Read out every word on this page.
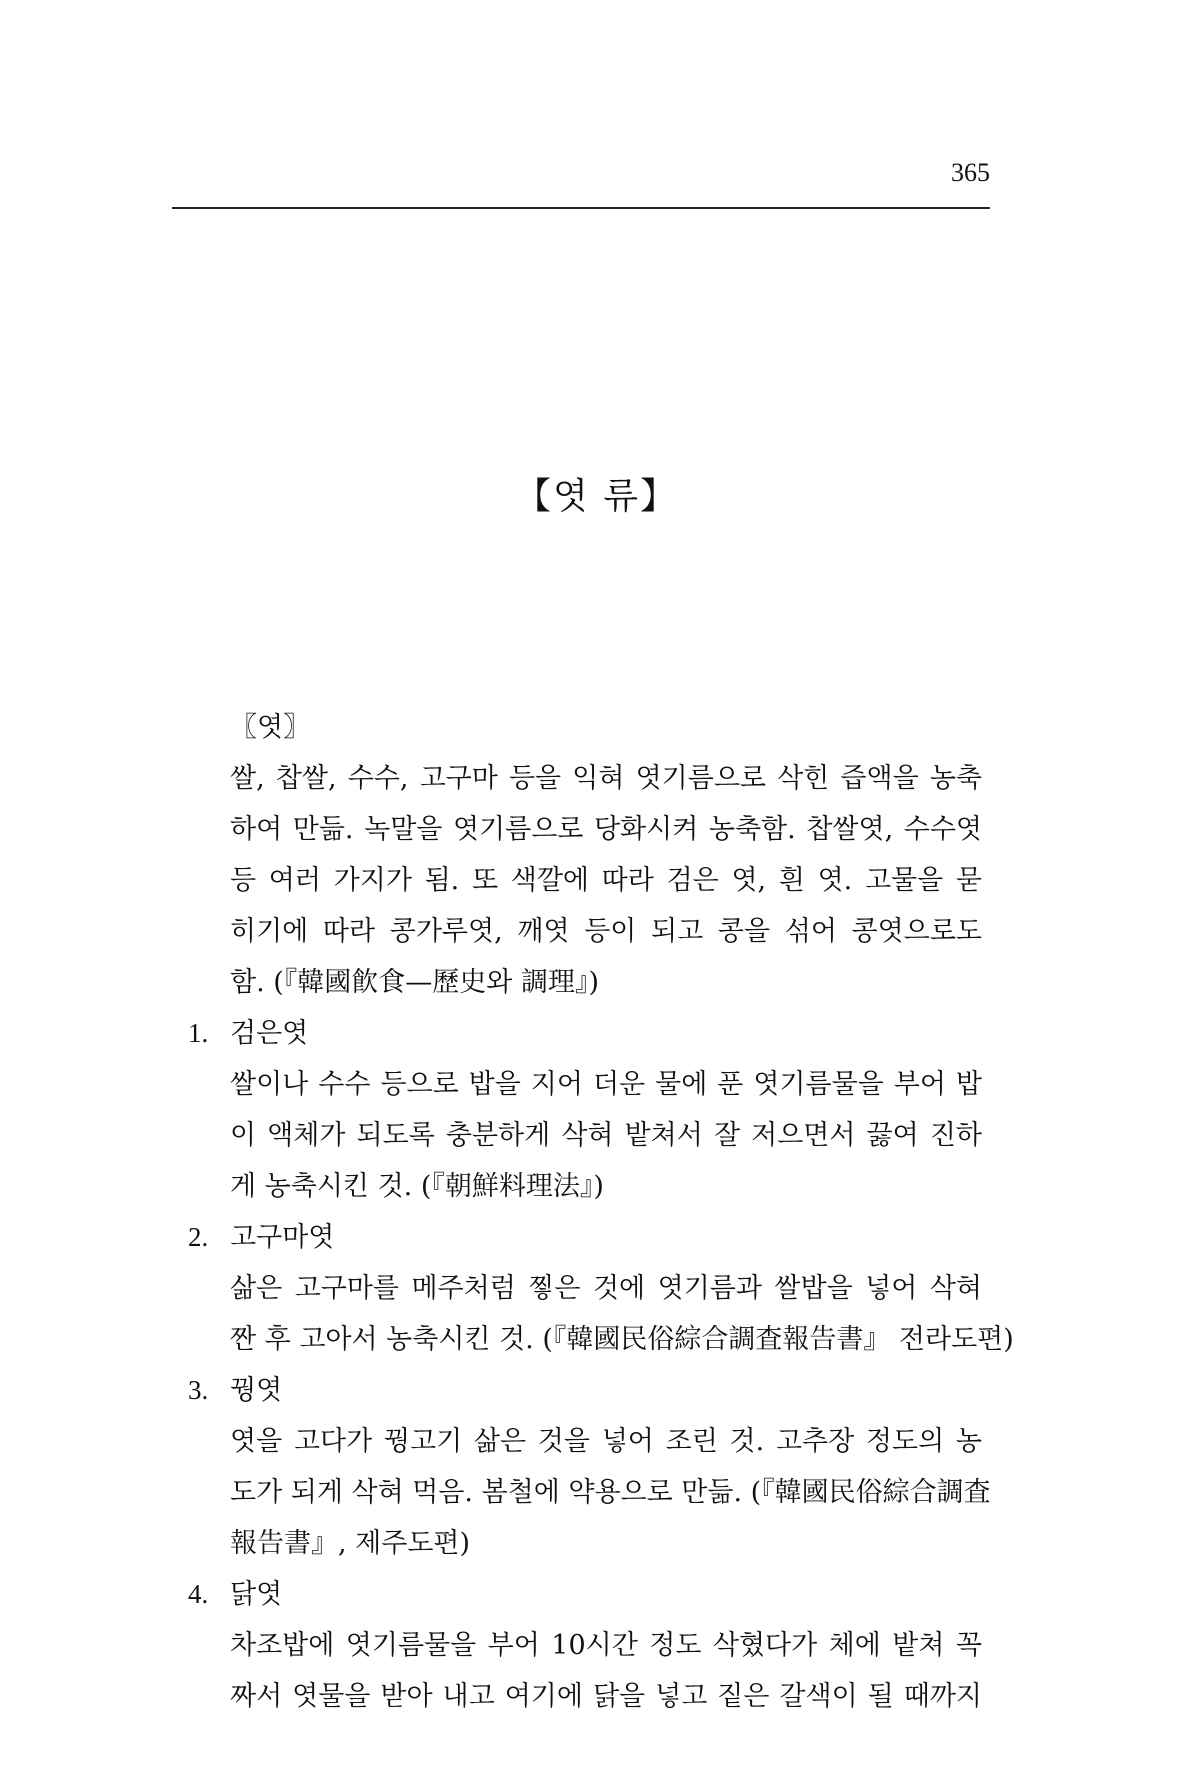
365
【엿 류】
〖엿〗
쌀, 찹쌀, 수수, 고구마 등을 익혀 엿기름으로 삭힌 즙액을 농축
하여 만듦. 녹말을 엿기름으로 당화시켜 농축함. 찹쌀엿, 수수엿
등 여러 가지가 됨. 또 색깔에 따라 검은 엿, 흰 엿. 고물을 묻
히기에 따라 콩가루엿, 깨엿 등이 되고 콩을 섞어 콩엿으로도
함. (『韓國飮食—歷史와 調理』)
1. 검은엿
쌀이나 수수 등으로 밥을 지어 더운 물에 푼 엿기름물을 부어 밥
이 액체가 되도록 충분하게 삭혀 밭쳐서 잘 저으면서 끓여 진하
게 농축시킨 것. (『朝鮮料理法』)
2. 고구마엿
삶은 고구마를 메주처럼 찧은 것에 엿기름과 쌀밥을 넣어 삭혀
짠 후 고아서 농축시킨 것. (『韓國民俗綜合調査報告書』 전라도편)
3. 꿩엿
엿을 고다가 꿩고기 삶은 것을 넣어 조린 것. 고추장 정도의 농
도가 되게 삭혀 먹음. 봄철에 약용으로 만듦. (『韓國民俗綜合調査
報告書』, 제주도편)
4. 닭엿
차조밥에 엿기름물을 부어 10시간 정도 삭혔다가 체에 밭쳐 꼭
짜서 엿물을 받아 내고 여기에 닭을 넣고 짙은 갈색이 될 때까지
